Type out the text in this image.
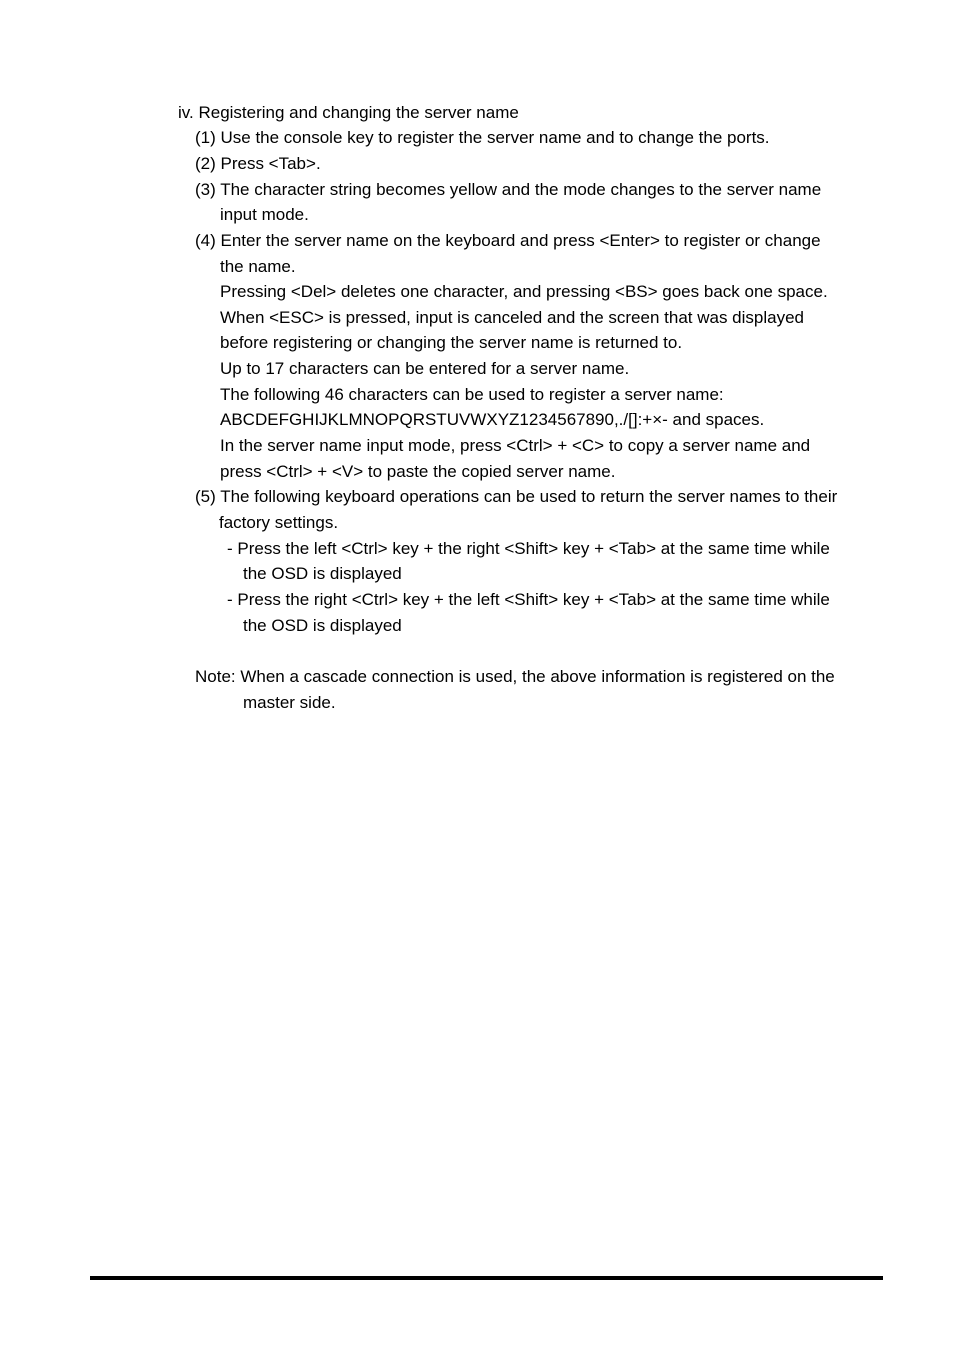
iv. Registering and changing the server name
(1) Use the console key to register the server name and to change the ports.
(2) Press <Tab>.
(3) The character string becomes yellow and the mode changes to the server name
input mode.
(4) Enter the server name on the keyboard and press <Enter> to register or change
the name.
Pressing <Del> deletes one character, and pressing <BS> goes back one space.
When <ESC> is pressed, input is canceled and the screen that was displayed
before registering or changing the server name is returned to.
Up to 17 characters can be entered for a server name.
The following 46 characters can be used to register a server name:
ABCDEFGHIJKLMNOPQRSTUVWXYZ1234567890,./[]:+×- and spaces.
In the server name input mode, press <Ctrl> + <C> to copy a server name and
press <Ctrl> + <V> to paste the copied server name.
(5) The following keyboard operations can be used to return the server names to their
factory settings.
- Press the left <Ctrl> key + the right <Shift> key + <Tab> at the same time while
the OSD is displayed
- Press the right <Ctrl> key + the left <Shift> key + <Tab> at the same time while
the OSD is displayed
Note: When a cascade connection is used, the above information is registered on the
master side.
